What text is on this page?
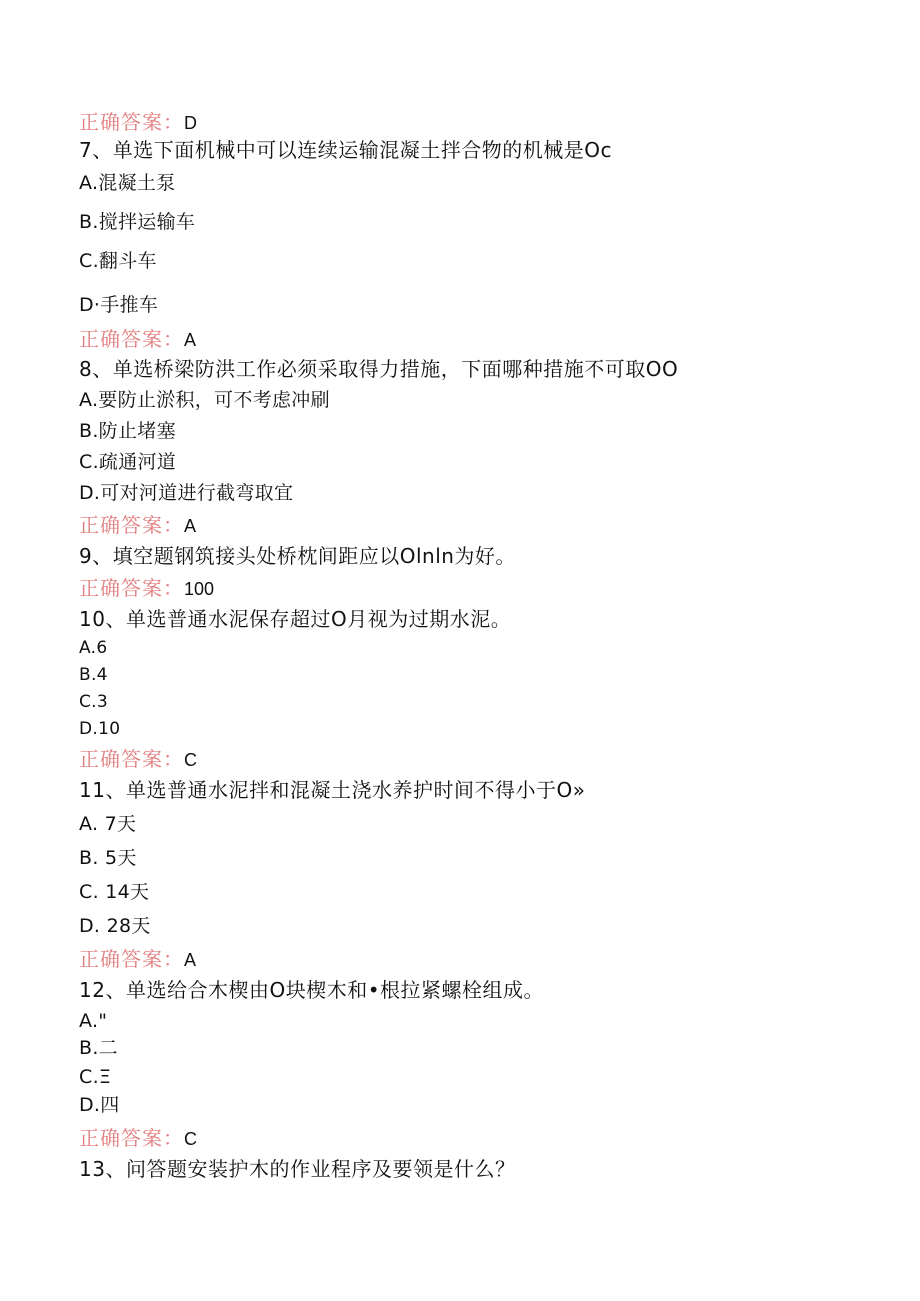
正确答案：D
7、单选下面机械中可以连续运输混凝土拌合物的机械是Oc
A.混凝土泵
B.搅拌运输车
C.翻斗车
D·手推车
正确答案：A
8、单选桥梁防洪工作必须采取得力措施，下面哪种措施不可取OO
A.要防止淤积，可不考虑冲刷
B.防止堵塞
C.疏通河道
D.可对河道进行截弯取宜
正确答案：A
9、填空题钢筑接头处桥枕间距应以Olnln为好。
正确答案：100
10、单选普通水泥保存超过O月视为过期水泥。
A.6
B.4
C.3
D.10
正确答案：C
11、单选普通水泥拌和混凝土浇水养护时间不得小于O»
A. 7天
B. 5天
C. 14天
D. 28天
正确答案：A
12、单选给合木楔由O块楔木和•根拉紧螺栓组成。
A."
B.二
C.Ξ
D.四
正确答案：C
13、问答题安装护木的作业程序及要领是什么？
